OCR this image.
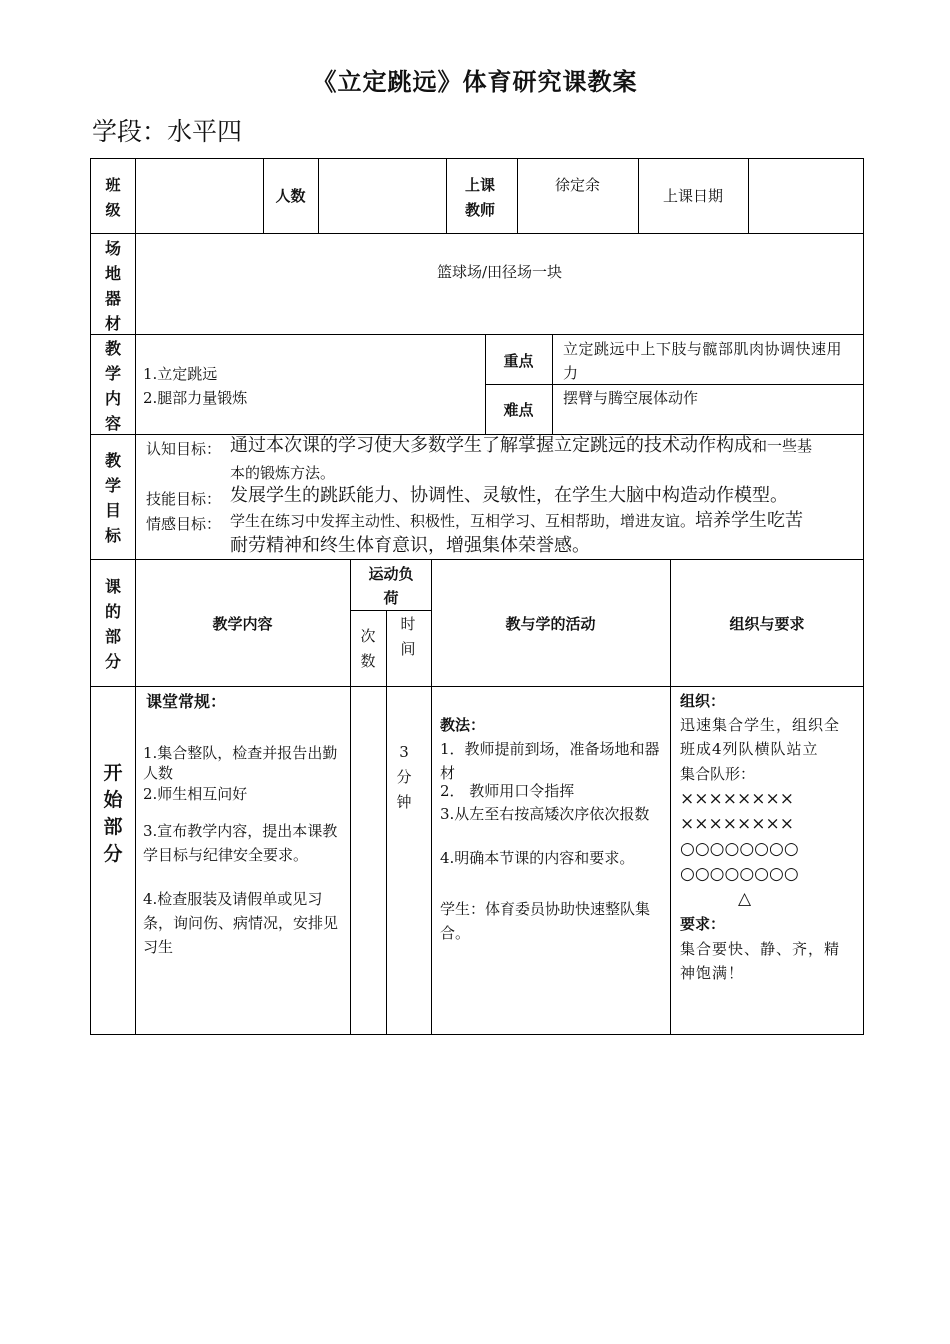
《立定跳远》体育研究课教案
学段：水平四
班级
人数
上课教师
徐定余
上课日期
场地器材
篮球场/田径场一块
教学内容
1.立定跳远
2.腿部力量锻炼
重点
立定跳远中上下肢与髋部肌肉协调快速用力
难点
摆臂与腾空展体动作
教学目标
认知目标： 通过本次课的学习使大多数学生了解掌握立定跳远的技术动作构成和一些基
本的锻炼方法。
技能目标： 发展学生的跳跃能力、协调性、灵敏性，在学生大脑中构造动作模型。
情感目标： 学生在练习中发挥主动性、积极性，互相学习、互相帮助，增进友谊。培养学生吃苦
耐劳精神和终生体育意识，增强集体荣誉感。
课的部分
教学内容
运动负荷
次数
时间
教与学的活动	组织与要求
开始部分
课堂常规：
1.集合整队，检查并报告出勤人数
2.师生相互问好
3.宣布教学内容，提出本课教学目标与纪律安全要求。
4.检查服装及请假单或见习条，询问伤、病情况，安排见习生
3分钟
教法：
1．教师提前到场，准备场地和器材
2． 教师用口令指挥
3.从左至右按高矮次序依次报数
4.明确本节课的内容和要求。
学生：体育委员协助快速整队集合。
组织：
迅速集合学生，组织全班成4列队横队站立
集合队形：
××××××××
××××××××
○○○○○○○○
○○○○○○○○
△
要求：
集合要快、静、齐，精神饱满！
